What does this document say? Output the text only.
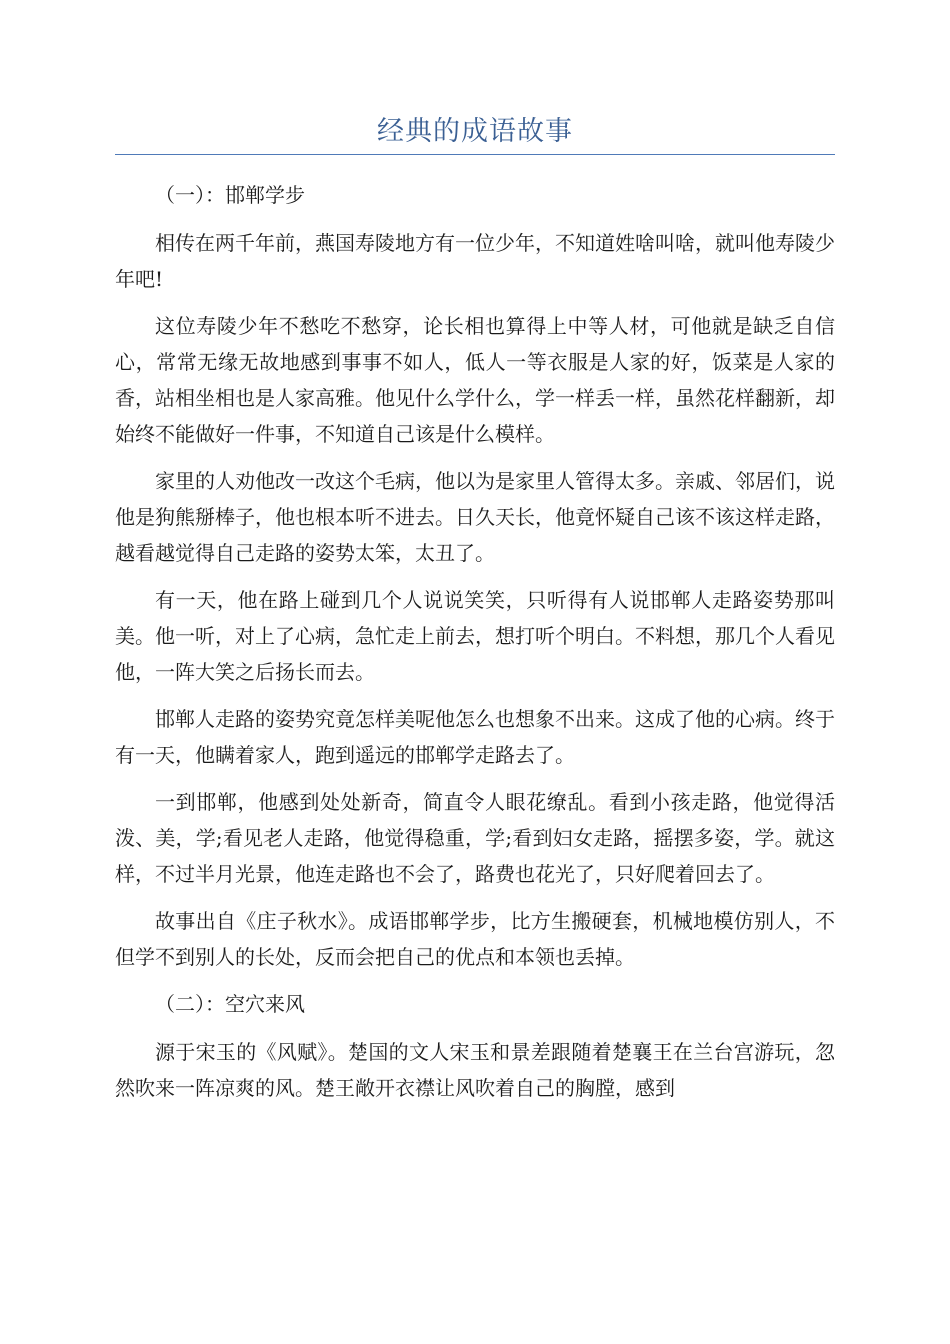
经典的成语故事

（一）：邯郸学步

相传在两千年前，燕国寿陵地方有一位少年，不知道姓啥叫啥，就叫他寿陵少年吧!

这位寿陵少年不愁吃不愁穿，论长相也算得上中等人材，可他就是缺乏自信心，常常无缘无故地感到事事不如人，低人一等衣服是人家的好，饭菜是人家的香，站相坐相也是人家高雅。他见什么学什么，学一样丢一样，虽然花样翻新，却始终不能做好一件事，不知道自己该是什么模样。

家里的人劝他改一改这个毛病，他以为是家里人管得太多。亲戚、邻居们，说他是狗熊掰棒子，他也根本听不进去。日久天长，他竟怀疑自己该不该这样走路，越看越觉得自己走路的姿势太笨，太丑了。

有一天，他在路上碰到几个人说说笑笑，只听得有人说邯郸人走路姿势那叫美。他一听，对上了心病，急忙走上前去，想打听个明白。不料想，那几个人看见他，一阵大笑之后扬长而去。

邯郸人走路的姿势究竟怎样美呢他怎么也想象不出来。这成了他的心病。终于有一天，他瞒着家人，跑到遥远的邯郸学走路去了。

一到邯郸，他感到处处新奇，简直令人眼花缭乱。看到小孩走路，他觉得活泼、美，学;看见老人走路，他觉得稳重，学;看到妇女走路，摇摆多姿，学。就这样，不过半月光景，他连走路也不会了，路费也花光了，只好爬着回去了。

故事出自《庄子秋水》。成语邯郸学步，比方生搬硬套，机械地模仿别人，不但学不到别人的长处，反而会把自己的优点和本领也丢掉。

（二）：空穴来风

源于宋玉的《风赋》。楚国的文人宋玉和景差跟随着楚襄王在兰台宫游玩，忽然吹来一阵凉爽的风。楚王敞开衣襟让风吹着自己的胸膛，感到
